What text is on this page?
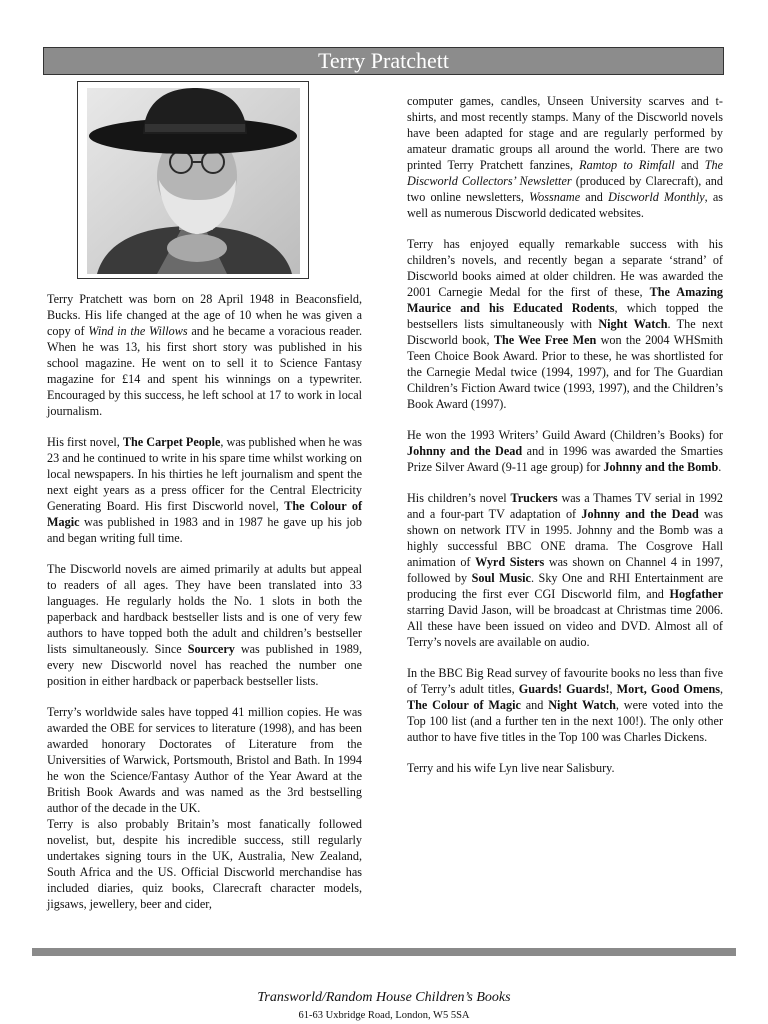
Terry Pratchett

Terry Pratchett was born on 28 April 1948 in Beaconsfield, Bucks. His life changed at the age of 10 when he was given a copy of Wind in the Willows and he became a voracious reader. When he was 13, his first short story was published in his school magazine. He went on to sell it to Science Fantasy magazine for £14 and spent his winnings on a typewriter. Encouraged by this success, he left school at 17 to work in local journalism.

His first novel, The Carpet People, was published when he was 23 and he continued to write in his spare time whilst working on local newspapers. In his thirties he left journalism and spent the next eight years as a press officer for the Central Electricity Generating Board. His first Discworld novel, The Colour of Magic was published in 1983 and in 1987 he gave up his job and began writing full time.

The Discworld novels are aimed primarily at adults but appeal to readers of all ages. They have been translated into 33 languages. He regularly holds the No. 1 slots in both the paperback and hardback bestseller lists and is one of very few authors to have topped both the adult and children’s bestseller lists simultaneously. Since Sourcery was published in 1989, every new Discworld novel has reached the number one position in either hardback or paperback bestseller lists.

Terry’s worldwide sales have topped 41 million copies. He was awarded the OBE for services to literature (1998), and has been awarded honorary Doctorates of Literature from the Universities of Warwick, Portsmouth, Bristol and Bath. In 1994 he won the Science/Fantasy Author of the Year Award at the British Book Awards and was named as the 3rd bestselling author of the decade in the UK.

Terry is also probably Britain’s most fanatically followed novelist, but, despite his incredible success, still regularly undertakes signing tours in the UK, Australia, New Zealand, South Africa and the US. Official Discworld merchandise has included diaries, quiz books, Clarecraft character models, jigsaws, jewellery, beer and cider,

computer games, candles, Unseen University scarves and t-shirts, and most recently stamps. Many of the Discworld novels have been adapted for stage and are regularly performed by amateur dramatic groups all around the world. There are two printed Terry Pratchett fanzines, Ramtop to Rimfall and The Discworld Collectors’ Newsletter (produced by Clarecraft), and two online newsletters, Wossname and Discworld Monthly, as well as numerous Discworld dedicated websites.

Terry has enjoyed equally remarkable success with his children’s novels, and recently began a separate ‘strand’ of Discworld books aimed at older children. He was awarded the 2001 Carnegie Medal for the first of these, The Amazing Maurice and his Educated Rodents, which topped the bestsellers lists simultaneously with Night Watch. The next Discworld book, The Wee Free Men won the 2004 WHSmith Teen Choice Book Award. Prior to these, he was shortlisted for the Carnegie Medal twice (1994, 1997), and for The Guardian Children’s Fiction Award twice (1993, 1997), and the Children’s Book Award (1997).

He won the 1993 Writers’ Guild Award (Children’s Books) for Johnny and the Dead and in 1996 was awarded the Smarties Prize Silver Award (9-11 age group) for Johnny and the Bomb.

His children’s novel Truckers was a Thames TV serial in 1992 and a four-part TV adaptation of Johnny and the Dead was shown on network ITV in 1995. Johnny and the Bomb was a highly successful BBC ONE drama. The Cosgrove Hall animation of Wyrd Sisters was shown on Channel 4 in 1997, followed by Soul Music. Sky One and RHI Entertainment are producing the first ever CGI Discworld film, and Hogfather starring David Jason, will be broadcast at Christmas time 2006. All these have been issued on video and DVD. Almost all of Terry’s novels are available on audio.

In the BBC Big Read survey of favourite books no less than five of Terry’s adult titles, Guards! Guards!, Mort, Good Omens, The Colour of Magic and Night Watch, were voted into the Top 100 list (and a further ten in the next 100!). The only other author to have five titles in the Top 100 was Charles Dickens.

Terry and his wife Lyn live near Salisbury.

Transworld/Random House Children’s Books
61-63 Uxbridge Road, London, W5 5SA
